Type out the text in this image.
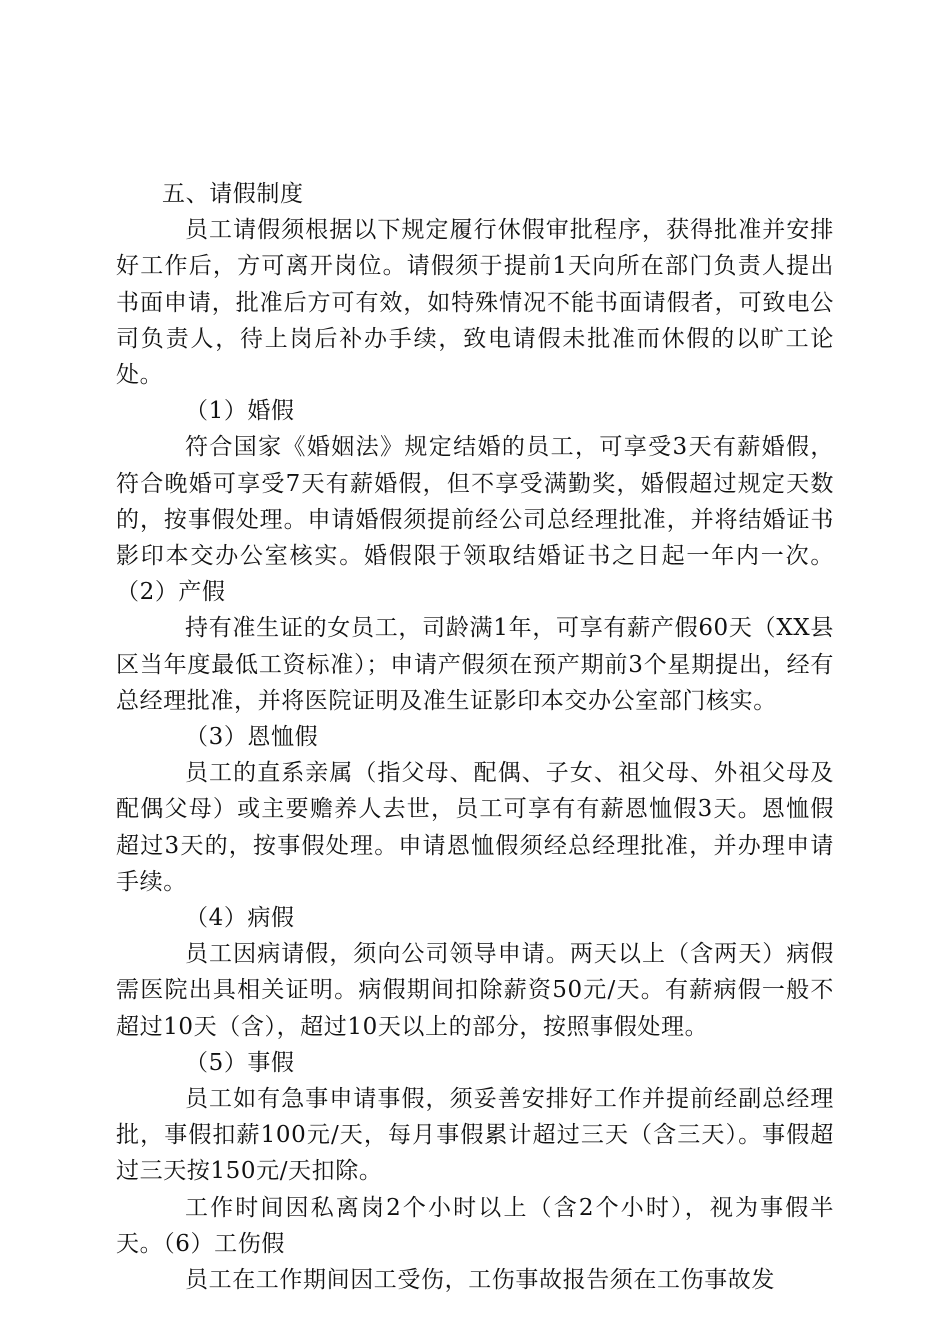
五、请假制度

员工请假须根据以下规定履行休假审批程序，获得批准并安排好工作后，方可离开岗位。请假须于提前1天向所在部门负责人提出书面申请，批准后方可有效，如特殊情况不能书面请假者，可致电公司负责人，待上岗后补办手续，致电请假未批准而休假的以旷工论处。

（1）婚假

符合国家《婚姻法》规定结婚的员工，可享受3天有薪婚假，符合晚婚可享受7天有薪婚假，但不享受满勤奖，婚假超过规定天数的，按事假处理。申请婚假须提前经公司总经理批准，并将结婚证书影印本交办公室核实。婚假限于领取结婚证书之日起一年内一次。（2）产假

持有准生证的女员工，司龄满1年，可享有薪产假60天（XX县区当年度最低工资标准）；申请产假须在预产期前3个星期提出，经有总经理批准，并将医院证明及准生证影印本交办公室部门核实。

（3）恩恤假

员工的直系亲属（指父母、配偶、子女、祖父母、外祖父母及配偶父母）或主要赡养人去世，员工可享有有薪恩恤假3天。恩恤假超过3天的，按事假处理。申请恩恤假须经总经理批准，并办理申请手续。

（4）病假

员工因病请假，须向公司领导申请。两天以上（含两天）病假需医院出具相关证明。病假期间扣除薪资50元/天。有薪病假一般不超过10天（含），超过10天以上的部分，按照事假处理。

（5）事假

员工如有急事申请事假，须妥善安排好工作并提前经副总经理批，事假扣薪100元/天，每月事假累计超过三天（含三天）。事假超过三天按150元/天扣除。

工作时间因私离岗2个小时以上（含2个小时），视为事假半天。（6）工伤假

员工在工作期间因工受伤，工伤事故报告须在工伤事故发
